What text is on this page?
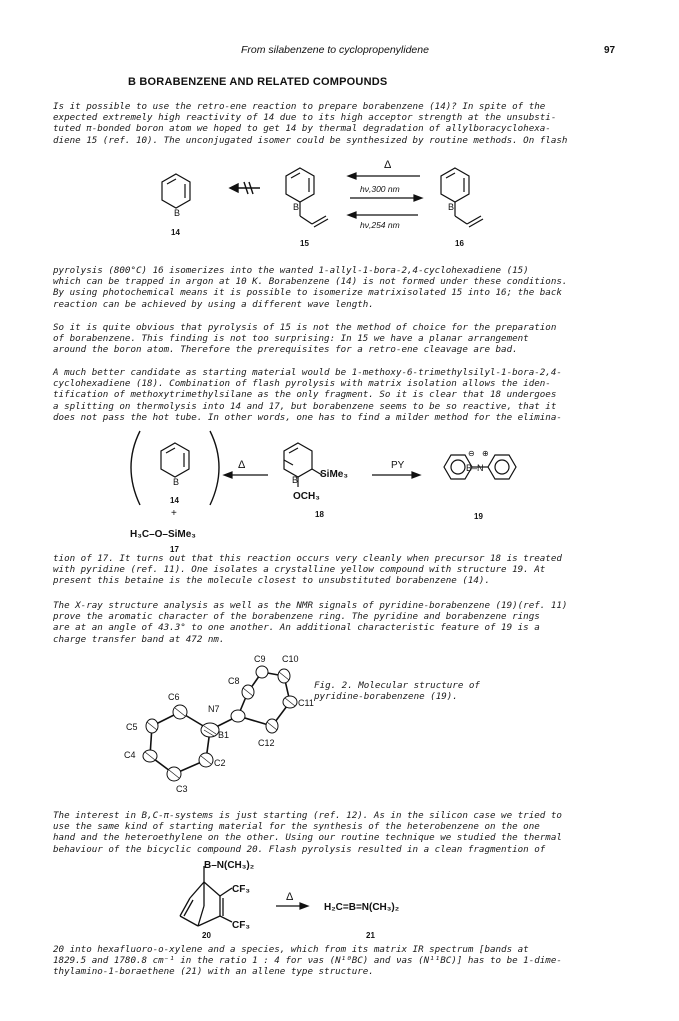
From silabenzene to cyclopropenylidene	97
B BORABENZENE AND RELATED COMPOUNDS
Is it possible to use the retro-ene reaction to prepare borabenzene (14)? In spite of the
expected extremely high reactivity of 14 due to its high acceptor strength at the unsubsti-
tuted π-bonded boron atom we hoped to get 14 by thermal degradation of allylboracyclohexa-
diene 15 (ref. 10). The unconjugated isomer could be synthesized by routine methods. On flash
B
14
B
15
Δ
hν,300 nm
hν,254 nm
B
16
pyrolysis (800°C) 16 isomerizes into the wanted 1-allyl-1-bora-2,4-cyclohexadiene (15)
which can be trapped in argon at 10 K. Borabenzene (14) is not formed under these conditions.
By using photochemical means it is possible to isomerize matrixisolated 15 into 16; the back
reaction can be achieved by using a different wave length.
So it is quite obvious that pyrolysis of 15 is not the method of choice for the preparation
of borabenzene. This finding is not too surprising: In 15 we have a planar arrangement
around the boron atom. Therefore the prerequisites for a retro-ene cleavage are bad.
A much better candidate as starting material would be 1-methoxy-6-trimethylsilyl-1-bora-2,4-
cyclohexadiene (18). Combination of flash pyrolysis with matrix isolation allows the iden-
tification of methoxytrimethylsilane as the only fragment. So it is clear that 18 undergoes
a splitting on thermolysis into 14 and 17, but borabenzene seems to be so reactive, that it
does not pass the hot tube. In other words, one has to find a milder method for the elimina-
B
14
+
H₃C–O–SiMe₃
17
Δ
B SiMe₃
OCH₃
18
PY
⊖ ⊕
B–N
19
tion of 17. It turns out that this reaction occurs very cleanly when precursor 18 is treated
with pyridine (ref. 11). One isolates a crystalline yellow compound with structure 19. At
present this betaine is the molecule closest to unsubstituted borabenzene (14).
The X-ray structure analysis as well as the NMR signals of pyridine-borabenzene (19)(ref. 11)
prove the aromatic character of the borabenzene ring. The pyridine and borabenzene rings
are at an angle of 43.3° to one another. An additional characteristic feature of 19 is a
charge transfer band at 472 nm.
C9 C10
C8
C11
C6
N7
C5
B1
C12
C4
C2
C3
Fig. 2. Molecular structure of
pyridine-borabenzene (19).
The interest in B,C-π-systems is just starting (ref. 12). As in the silicon case we tried to
use the same kind of starting material for the synthesis of the heterobenzene on the one
hand and the heteroethylene on the other. Using our routine technique we studied the thermal
behaviour of the bicyclic compound 20. Flash pyrolysis resulted in a clean fragmention of
B–N(CH₃)₂
CF₃
CF₃
20
Δ
H₂C=B=N(CH₃)₂
21
20 into hexafluoro-o-xylene and a species, which from its matrix IR spectrum [bands at
1829.5 and 1780.8 cm⁻¹ in the ratio 1 : 4 for νas (N¹⁰BC) and νas (N¹¹BC)] has to be 1-dime-
thylamino-1-boraethene (21) with an allene type structure.
